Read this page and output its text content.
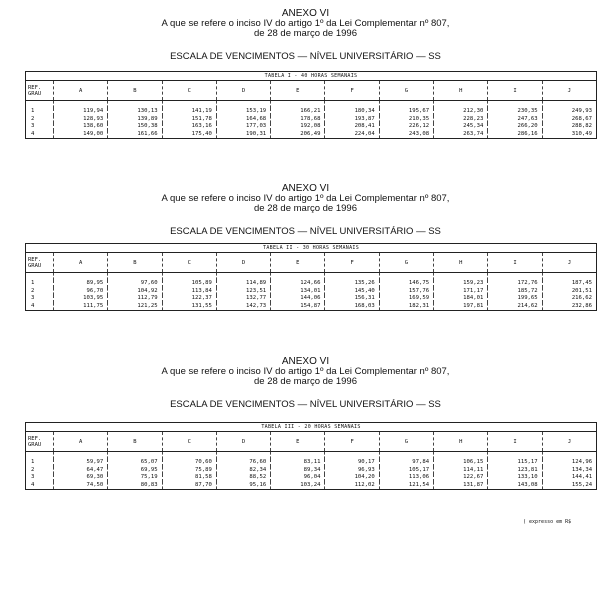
ANEXO VI
A que se refere o inciso IV do artigo 1º da Lei Complementar nº 807,
de 28 de março de 1996
ESCALA DE VENCIMENTOS — NÍVEL UNIVERSITÁRIO — SS
TABELA I - 40 HORAS SEMANAIS										
REF. GRAU	A	B	C	D	E	F	G	H	I	J

1	119,94	130,13	141,19	153,19	166,21	180,34	195,67	212,30	230,35	249,93
2	128,93	139,89	151,78	164,68	178,68	193,87	210,35	228,23	247,63	268,67
3	138,60	150,38	163,16	177,03	192,08	208,41	226,12	245,34	266,20	288,82
4	149,00	161,66	175,40	190,31	206,49	224,04	243,08	263,74	286,16	310,49
ANEXO VI
A que se refere o inciso IV do artigo 1º da Lei Complementar nº 807,
de 28 de março de 1996
ESCALA DE VENCIMENTOS — NÍVEL UNIVERSITÁRIO — SS
TABELA II - 30 HORAS SEMANAIS										
REF. GRAU	A	B	C	D	E	F	G	H	I	J

1	89,95	97,60	105,89	114,89	124,66	135,26	146,75	159,23	172,76	187,45
2	96,70	104,92	113,84	123,51	134,01	145,40	157,76	171,17	185,72	201,51
3	103,95	112,79	122,37	132,77	144,06	156,31	169,59	184,01	199,65	216,62
4	111,75	121,25	131,55	142,73	154,87	168,03	182,31	197,81	214,62	232,86
ANEXO VI
A que se refere o inciso IV do artigo 1º da Lei Complementar nº 807,
de 28 de março de 1996
ESCALA DE VENCIMENTOS — NÍVEL UNIVERSITÁRIO — SS
TABELA III - 20 HORAS SEMANAIS										
REF. GRAU	A	B	C	D	E	F	G	H	I	J

1	59,97	65,07	70,60	76,60	83,11	90,17	97,84	106,15	115,17	124,96
2	64,47	69,95	75,89	82,34	89,34	96,93	105,17	114,11	123,81	134,34
3	69,30	75,19	81,58	88,52	96,04	104,20	113,06	122,67	133,10	144,41
4	74,50	80,83	87,70	95,16	103,24	112,02	121,54	131,87	143,08	155,24
( expresso em R$
